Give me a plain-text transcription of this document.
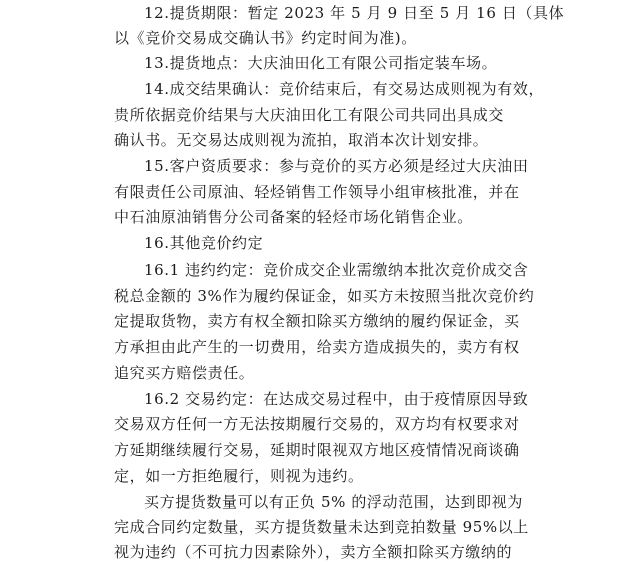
12.提货期限：暂定 2023 年 5 月 9 日至 5 月 16 日（具体
以《竞价交易成交确认书》约定时间为准)。
13.提货地点：大庆油田化工有限公司指定装车场。
14.成交结果确认：竞价结束后，有交易达成则视为有效，
贵所依据竞价结果与大庆油田化工有限公司共同出具成交
确认书。无交易达成则视为流拍，取消本次计划安排。
15.客户资质要求：参与竞价的买方必须是经过大庆油田
有限责任公司原油、轻烃销售工作领导小组审核批准，并在
中石油原油销售分公司备案的轻烃市场化销售企业。
16.其他竞价约定
16.1 违约约定：竞价成交企业需缴纳本批次竞价成交含
税总金额的 3%作为履约保证金，如买方未按照当批次竞价约
定提取货物，卖方有权全额扣除买方缴纳的履约保证金，买
方承担由此产生的一切费用，给卖方造成损失的，卖方有权
追究买方赔偿责任。
16.2 交易约定：在达成交易过程中，由于疫情原因导致
交易双方任何一方无法按期履行交易的，双方均有权要求对
方延期继续履行交易，延期时限视双方地区疫情情况商谈确
定，如一方拒绝履行，则视为违约。
买方提货数量可以有正负 5% 的浮动范围，达到即视为
完成合同约定数量，买方提货数量未达到竞拍数量 95%以上
视为违约（不可抗力因素除外），卖方全额扣除买方缴纳的
